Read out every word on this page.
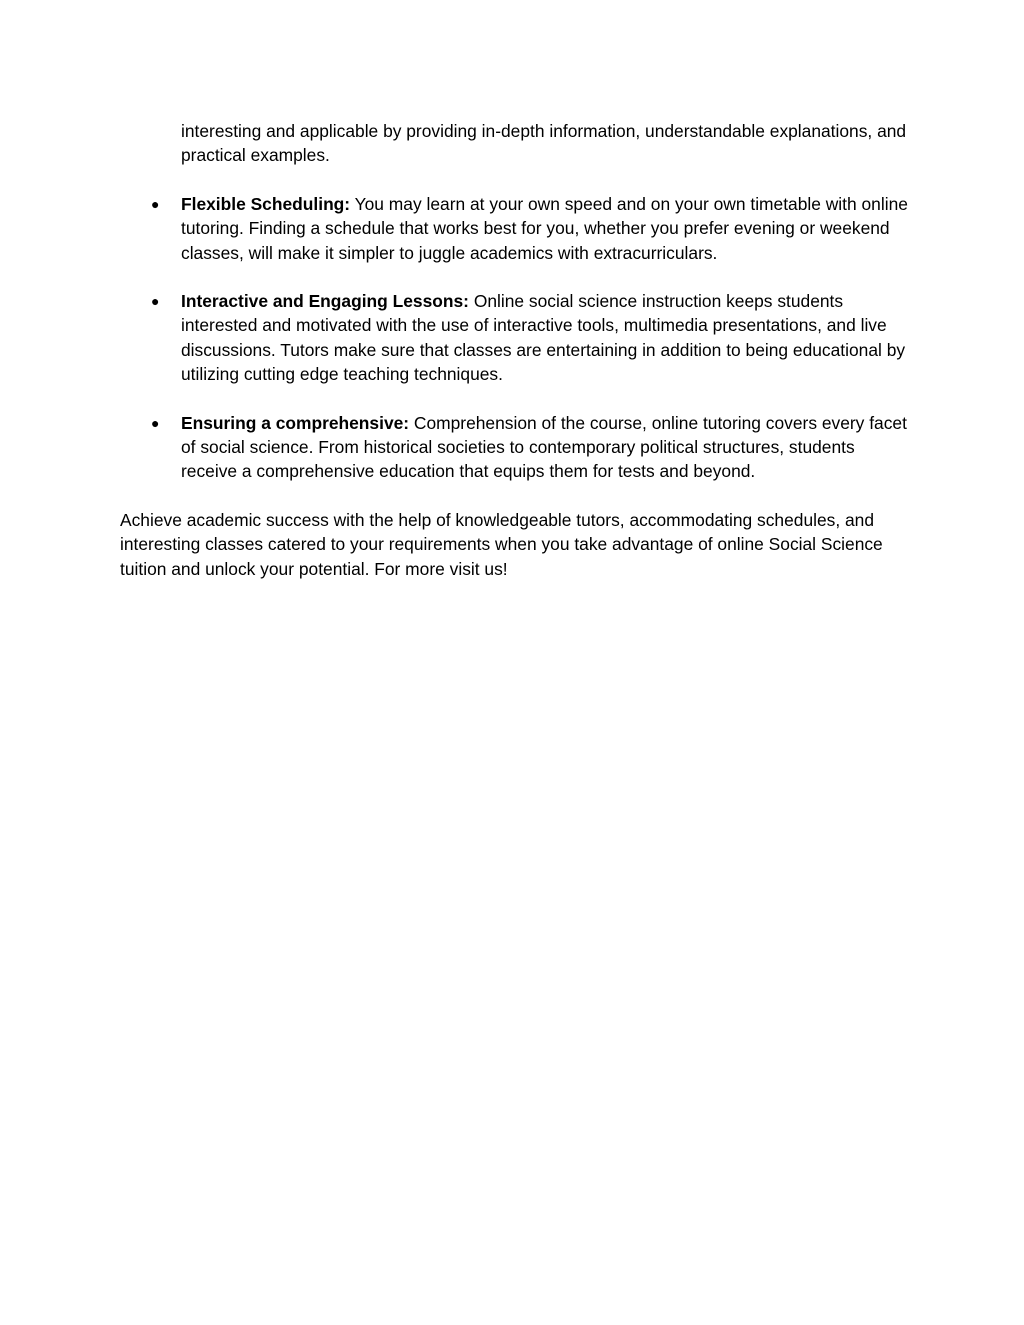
interesting and applicable by providing in-depth information, understandable explanations, and practical examples.

● Flexible Scheduling: You may learn at your own speed and on your own timetable with online tutoring. Finding a schedule that works best for you, whether you prefer evening or weekend classes, will make it simpler to juggle academics with extracurriculars.
● Interactive and Engaging Lessons: Online social science instruction keeps students interested and motivated with the use of interactive tools, multimedia presentations, and live discussions. Tutors make sure that classes are entertaining in addition to being educational by utilizing cutting edge teaching techniques.
● Ensuring a comprehensive: Comprehension of the course, online tutoring covers every facet of social science. From historical societies to contemporary political structures, students receive a comprehensive education that equips them for tests and beyond.

Achieve academic success with the help of knowledgeable tutors, accommodating schedules, and interesting classes catered to your requirements when you take advantage of online Social Science tuition and unlock your potential. For more visit us!
